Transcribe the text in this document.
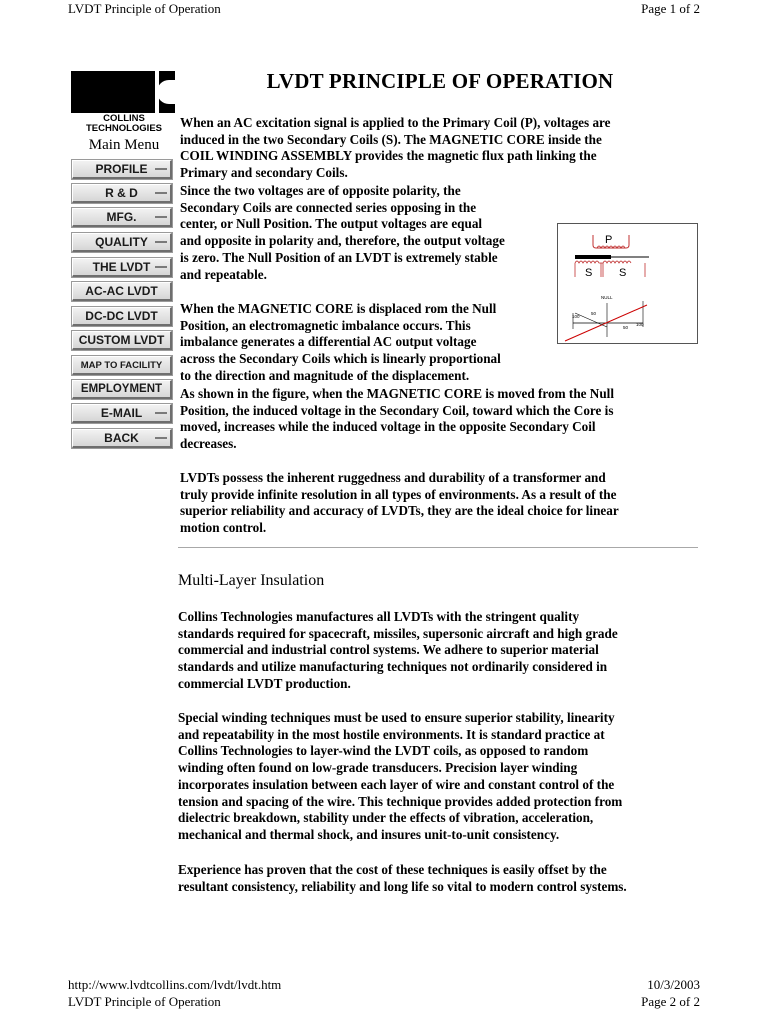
LVDT Principle of Operation	Page 1 of 2
COLLINS
TECHNOLOGIES
Main Menu
PROFILE
R & D
MFG.
QUALITY
THE LVDT
AC-AC LVDT
DC-DC LVDT
CUSTOM LVDT
MAP TO FACILITY
EMPLOYMENT
E-MAIL
BACK
LVDT PRINCIPLE OF OPERATION
When an AC excitation signal is applied to the Primary Coil (P), voltages are
induced in the two Secondary Coils (S). The MAGNETIC CORE inside the
COIL WINDING ASSEMBLY provides the magnetic flux path linking the
Primary and secondary Coils.
Since the two voltages are of opposite polarity, the
Secondary Coils are connected series opposing in the
center, or Null Position. The output voltages are equal
and opposite in polarity and, therefore, the output voltage
is zero. The Null Position of an LVDT is extremely stable
and repeatable.
When the MAGNETIC CORE is displaced rom the Null
Position, an electromagnetic imbalance occurs. This
imbalance generates a differential AC output voltage
across the Secondary Coils which is linearly proportional
to the direction and magnitude of the displacement.
As shown in the figure, when the MAGNETIC CORE is moved from the Null
Position, the induced voltage in the Secondary Coil, toward which the Core is
moved, increases while the induced voltage in the opposite Secondary Coil
decreases.
LVDTs possess the inherent ruggedness and durability of a transformer and
truly provide infinite resolution in all types of environments. As a result of the
superior reliability and accuracy of LVDTs, they are the ideal choice for linear
motion control.
Multi-Layer Insulation
Collins Technologies manufactures all LVDTs with the stringent quality
standards required for spacecraft, missiles, supersonic aircraft and high grade
commercial and industrial control systems. We adhere to superior material
standards and utilize manufacturing techniques not ordinarily considered in
commercial LVDT production.
Special winding techniques must be used to ensure superior stability, linearity
and repeatability in the most hostile environments. It is standard practice at
Collins Technologies to layer-wind the LVDT coils, as opposed to random
winding often found on low-grade transducers. Precision layer winding
incorporates insulation between each layer of wire and constant control of the
tension and spacing of the wire. This technique provides added protection from
dielectric breakdown, stability under the effects of vibration, acceleration,
mechanical and thermal shock, and insures unit-to-unit consistency.
Experience has proven that the cost of these techniques is easily offset by the
resultant consistency, reliability and long life so vital to modern control systems.
P
S S
NULL
100
50
50
100
http://www.lvdtcollins.com/lvdt/lvdt.htm	10/3/2003
LVDT Principle of Operation	Page 2 of 2
